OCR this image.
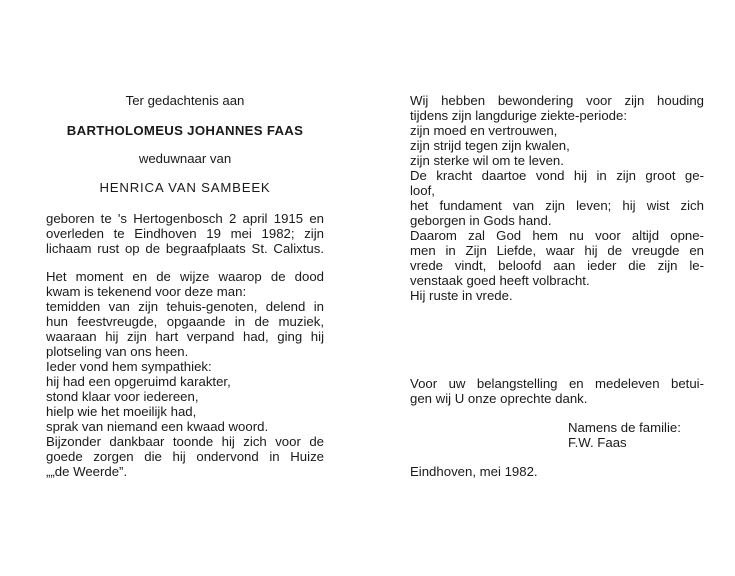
Ter gedachtenis aan
BARTHOLOMEUS JOHANNES FAAS
weduwnaar van
HENRICA VAN SAMBEEK
geboren te 's Hertogenbosch 2 april 1915 en
overleden te Eindhoven 19 mei 1982; zijn
lichaam rust op de begraafplaats St. Calixtus.
Het moment en de wijze waarop de dood
kwam is tekenend voor deze man:
temidden van zijn tehuis-genoten, delend in
hun feestvreugde, opgaande in de muziek,
waaraan hij zijn hart verpand had, ging hij
plotseling van ons heen.
Ieder vond hem sympathiek:
hij had een opgeruimd karakter,
stond klaar voor iedereen,
hielp wie het moeilijk had,
sprak van niemand een kwaad woord.
Bijzonder dankbaar toonde hij zich voor de
goede zorgen die hij ondervond in Huize
„„de Weerde”.
Wij hebben bewondering voor zijn houding
tijdens zijn langdurige ziekte-periode:
zijn moed en vertrouwen,
zijn strijd tegen zijn kwalen,
zijn sterke wil om te leven.
De kracht daartoe vond hij in zijn groot ge-
loof,
het fundament van zijn leven; hij wist zich
geborgen in Gods hand.
Daarom zal God hem nu voor altijd opne-
men in Zijn Liefde, waar hij de vreugde en
vrede vindt, beloofd aan ieder die zijn le-
venstaak goed heeft volbracht.
Hij ruste in vrede.
Voor uw belangstelling en medeleven betui-
gen wij U onze oprechte dank.
Namens de familie:
F.W. Faas
Eindhoven, mei 1982.
